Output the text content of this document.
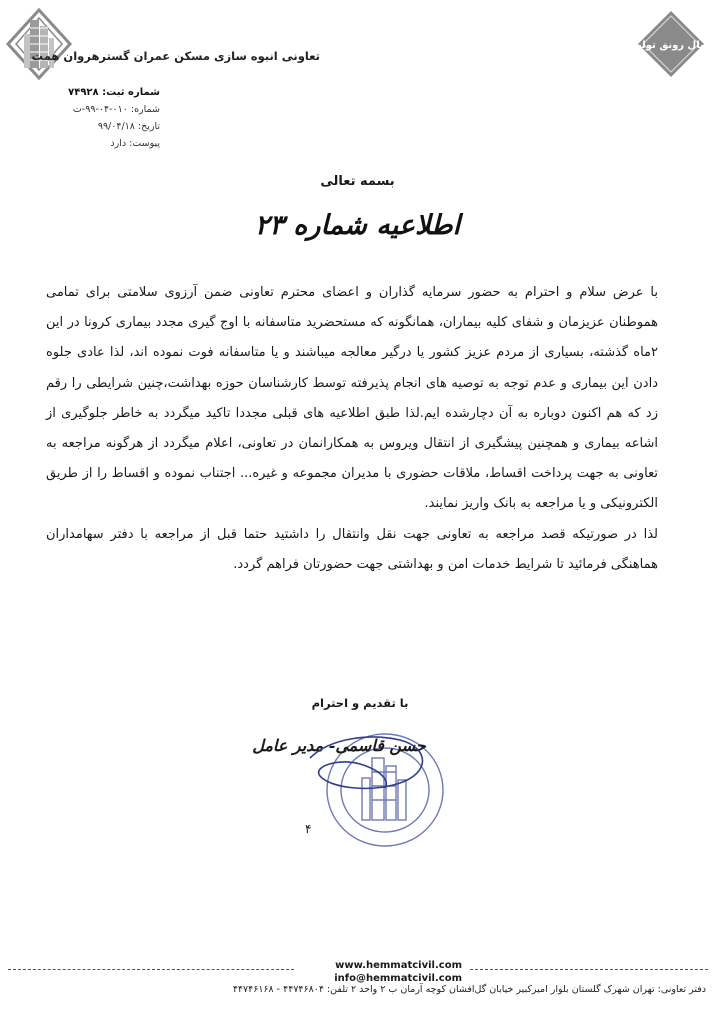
تعاونی انبوه سازی مسکن عمران گسترهروان همت
سال رونق تولید
شماره ثبت: ۷۴۹۲۸
شماره: ۰۱۰-۰۴-۹۹-ت
تاریخ: ۹۹/۰۴/۱۸
پیوست: دارد
بسمه تعالی
اطلاعیه شماره ۲۳

با عرض سلام و احترام به حضور سرمایه گذاران و اعضای محترم تعاونی ضمن آرزوی سلامتی برای تمامی هموطنان عزیزمان و شفای کلیه بیماران، همانگونه که مستحضرید متاسفانه با اوج گیری مجدد بیماری کرونا در این ۲ماه گذشته، بسیاری از مردم عزیز کشور یا درگیر معالجه میباشند و یا متاسفانه فوت نموده اند، لذا عادی جلوه دادن این بیماری و عدم توجه به توصیه های انجام پذیرفته توسط کارشناسان حوزه بهداشت،چنین شرایطی را رقم زد که هم اکنون دوباره به آن دچارشده ایم.لذا طبق اطلاعیه های قبلی مجددا تاکید میگردد به خاطر جلوگیری از اشاعه بیماری و همچنین پیشگیری از انتقال ویروس به همکارانمان در تعاونی، اعلام میگردد از هرگونه مراجعه به تعاونی به جهت پرداخت اقساط، ملاقات حضوری با مدیران مجموعه و غیره... اجتناب نموده و اقساط را از طریق الکترونیکی و یا مراجعه به بانک واریز نمایند.

لذا در صورتیکه قصد مراجعه به تعاونی جهت نقل وانتقال را داشتید حتما قبل از مراجعه با دفتر سهامداران هماهنگی فرمائید تا شرایط خدمات امن و بهداشتی جهت حضورتان فراهم گردد.

با تقدیم و احترام
حسن قاسمی- مدیر عامل
۴
www.hemmatcivil.com
info@hemmatcivil.com
دفتر تعاونی: تهران شهرک گلستان بلوار امیرکبیر خیابان گل‌افشان کوچه آرمان ب ۲ واحد ۲ تلفن: ۴۴۷۴۶۸۰۴ - ۴۴۷۴۶۱۶۸
